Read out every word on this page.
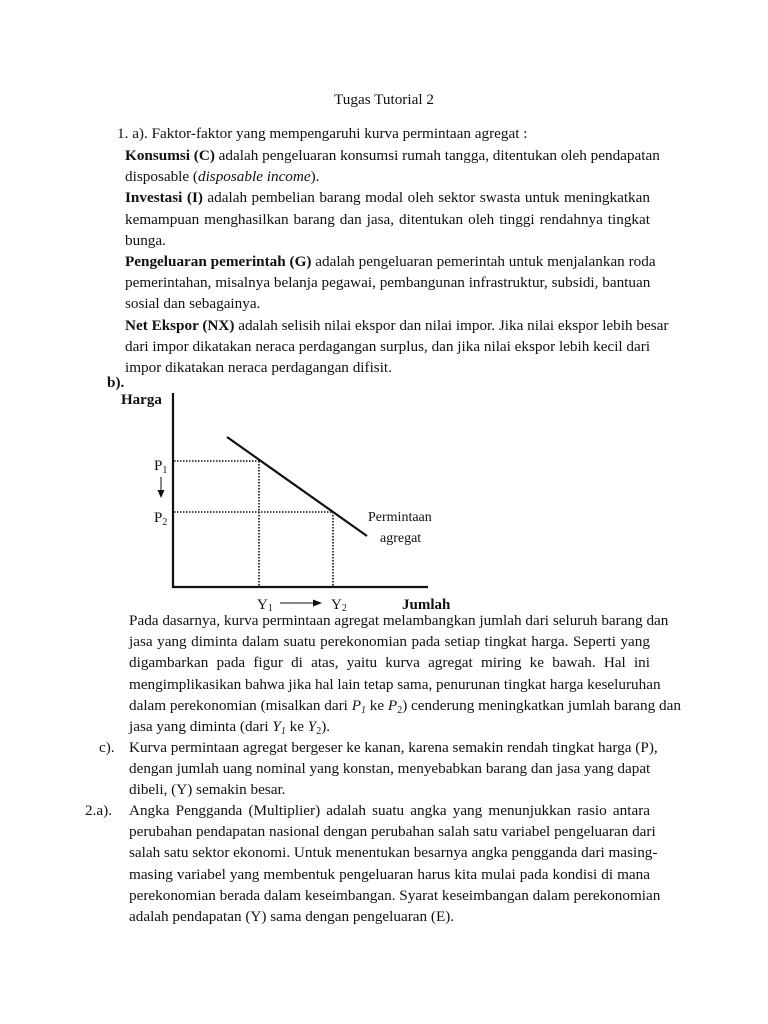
Tugas Tutorial 2
1. a). Faktor-faktor yang mempengaruhi kurva permintaan agregat :
Konsumsi (C) adalah pengeluaran konsumsi rumah tangga, ditentukan oleh pendapatan
disposable (disposable income).
Investasi (I) adalah pembelian barang modal oleh sektor swasta untuk meningkatkan
kemampuan menghasilkan barang dan jasa, ditentukan oleh tinggi rendahnya tingkat
bunga.
Pengeluaran pemerintah (G) adalah pengeluaran pemerintah untuk menjalankan roda
pemerintahan, misalnya belanja pegawai, pembangunan infrastruktur, subsidi, bantuan
sosial dan sebagainya.
Net Ekspor (NX) adalah selisih nilai ekspor dan nilai impor. Jika nilai ekspor lebih besar
dari impor dikatakan neraca perdagangan surplus, dan jika nilai ekspor lebih kecil dari
impor dikatakan neraca perdagangan difisit.
b).
Harga
$P_1$
$P_2$	Permintaan
agregat
Y1	Y2	Jumlah
Pada dasarnya, kurva permintaan agregat melambangkan jumlah dari seluruh barang dan
jasa yang diminta dalam suatu perekonomian pada setiap tingkat harga. Seperti yang
digambarkan pada figur di atas, yaitu kurva agregat miring ke bawah. Hal ini
mengimplikasikan bahwa jika hal lain tetap sama, penurunan tingkat harga keseluruhan
dalam perekonomian (misalkan dari P1 ke $P_2$) cenderung meningkatkan jumlah barang dan
jasa yang diminta (dari Y1 ke $Y_2$).
c). Kurva permintaan agregat bergeser ke kanan, karena semakin rendah tingkat harga (P),
dengan jumlah uang nominal yang konstan, menyebabkan barang dan jasa yang dapat
dibeli, (Y) semakin besar.
2.a). Angka Pengganda (Multiplier) adalah suatu angka yang menunjukkan rasio antara
perubahan pendapatan nasional dengan perubahan salah satu variabel pengeluaran dari
salah satu sektor ekonomi. Untuk menentukan besarnya angka pengganda dari masing-
masing variabel yang membentuk pengeluaran harus kita mulai pada kondisi di mana
perekonomian berada dalam keseimbangan. Syarat keseimbangan dalam perekonomian
adalah pendapatan (Y) sama dengan pengeluaran (E).
